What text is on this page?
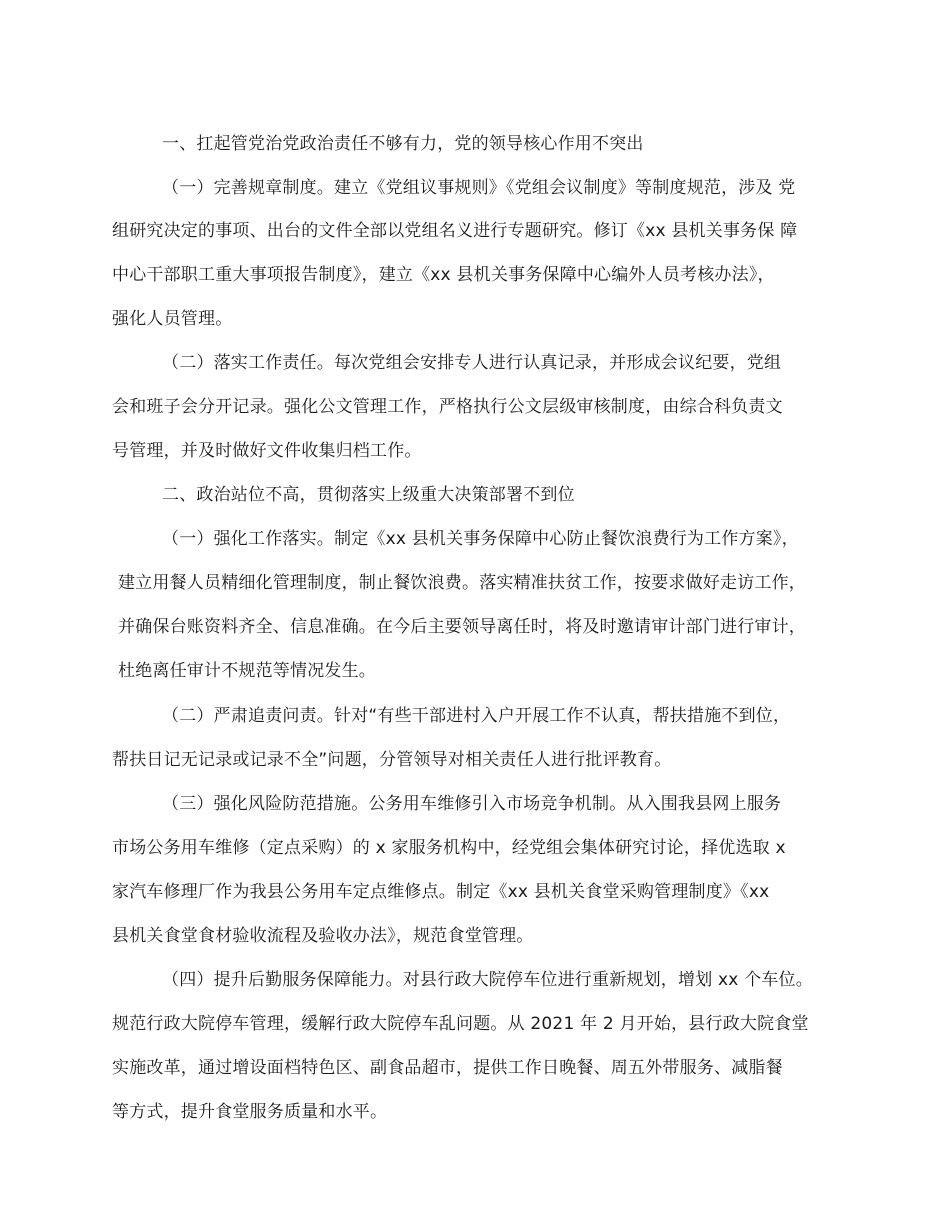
一、扛起管党治党政治责任不够有力，党的领导核心作用不突出
（一）完善规章制度。建立《党组议事规则》《党组会议制度》等制度规范，涉及 党
组研究决定的事项、出台的文件全部以党组名义进行专题研究。修订《xx 县机关事务保 障
中心干部职工重大事项报告制度》，建立《xx 县机关事务保障中心编外人员考核办法》，
强化人员管理。
（二）落实工作责任。每次党组会安排专人进行认真记录，并形成会议纪要，党组
会和班子会分开记录。强化公文管理工作，严格执行公文层级审核制度，由综合科负责文
号管理，并及时做好文件收集归档工作。
二、政治站位不高，贯彻落实上级重大决策部署不到位
（一）强化工作落实。制定《xx 县机关事务保障中心防止餐饮浪费行为工作方案》，
建立用餐人员精细化管理制度，制止餐饮浪费。落实精准扶贫工作，按要求做好走访工作，
并确保台账资料齐全、信息准确。在今后主要领导离任时，将及时邀请审计部门进行审计，
杜绝离任审计不规范等情况发生。
（二）严肃追责问责。针对“有些干部进村入户开展工作不认真，帮扶措施不到位，
帮扶日记无记录或记录不全”问题，分管领导对相关责任人进行批评教育。
（三）强化风险防范措施。公务用车维修引入市场竞争机制。从入围我县网上服务
市场公务用车维修（定点采购）的 x 家服务机构中，经党组会集体研究讨论，择优选取 x
家汽车修理厂作为我县公务用车定点维修点。制定《xx 县机关食堂采购管理制度》《xx
县机关食堂食材验收流程及验收办法》，规范食堂管理。
（四）提升后勤服务保障能力。对县行政大院停车位进行重新规划，增划 xx 个车位。
规范行政大院停车管理，缓解行政大院停车乱问题。从 2021 年 2 月开始，县行政大院食堂
实施改革，通过增设面档特色区、副食品超市，提供工作日晚餐、周五外带服务、减脂餐
等方式，提升食堂服务质量和水平。
